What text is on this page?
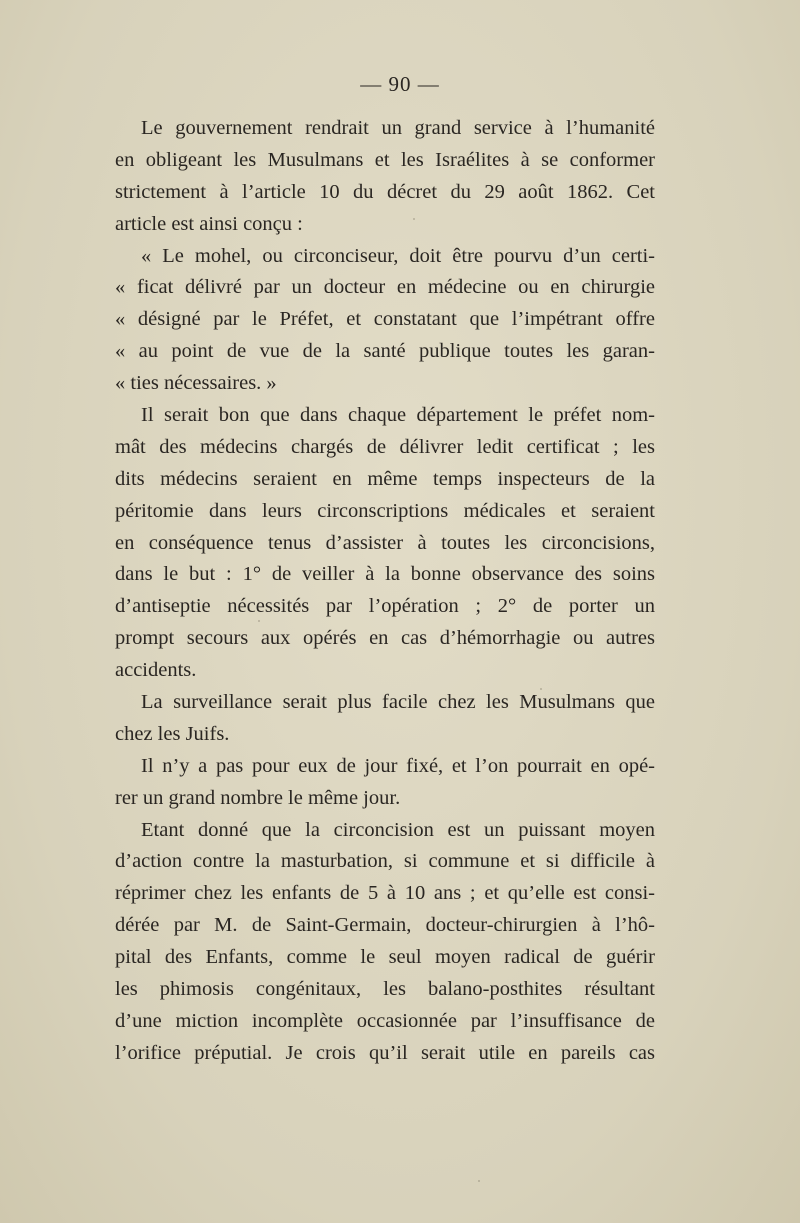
— 90 —
Le gouvernement rendrait un grand service à l’humanité
en obligeant les Musulmans et les Israélites à se conformer
strictement à l’article 10 du décret du 29 août 1862. Cet
article est ainsi conçu :
« Le mohel, ou circonciseur, doit être pourvu d’un certi-
« ficat délivré par un docteur en médecine ou en chirurgie
« désigné par le Préfet, et constatant que l’impétrant offre
« au point de vue de la santé publique toutes les garan-
« ties nécessaires. »
Il serait bon que dans chaque département le préfet nom-
mât des médecins chargés de délivrer ledit certificat ; les
dits médecins seraient en même temps inspecteurs de la
péritomie dans leurs circonscriptions médicales et seraient
en conséquence tenus d’assister à toutes les circoncisions,
dans le but : 1° de veiller à la bonne observance des soins
d’antiseptie nécessités par l’opération ; 2° de porter un
prompt secours aux opérés en cas d’hémorrhagie ou autres
accidents.
La surveillance serait plus facile chez les Musulmans que
chez les Juifs.
Il n’y a pas pour eux de jour fixé, et l’on pourrait en opé-
rer un grand nombre le même jour.
Etant donné que la circoncision est un puissant moyen
d’action contre la masturbation, si commune et si difficile à
réprimer chez les enfants de 5 à 10 ans ; et qu’elle est consi-
dérée par M. de Saint-Germain, docteur-chirurgien à l’hô-
pital des Enfants, comme le seul moyen radical de guérir
les phimosis congénitaux, les balano-posthites résultant
d’une miction incomplète occasionnée par l’insuffisance de
l’orifice préputial. Je crois qu’il serait utile en pareils cas
